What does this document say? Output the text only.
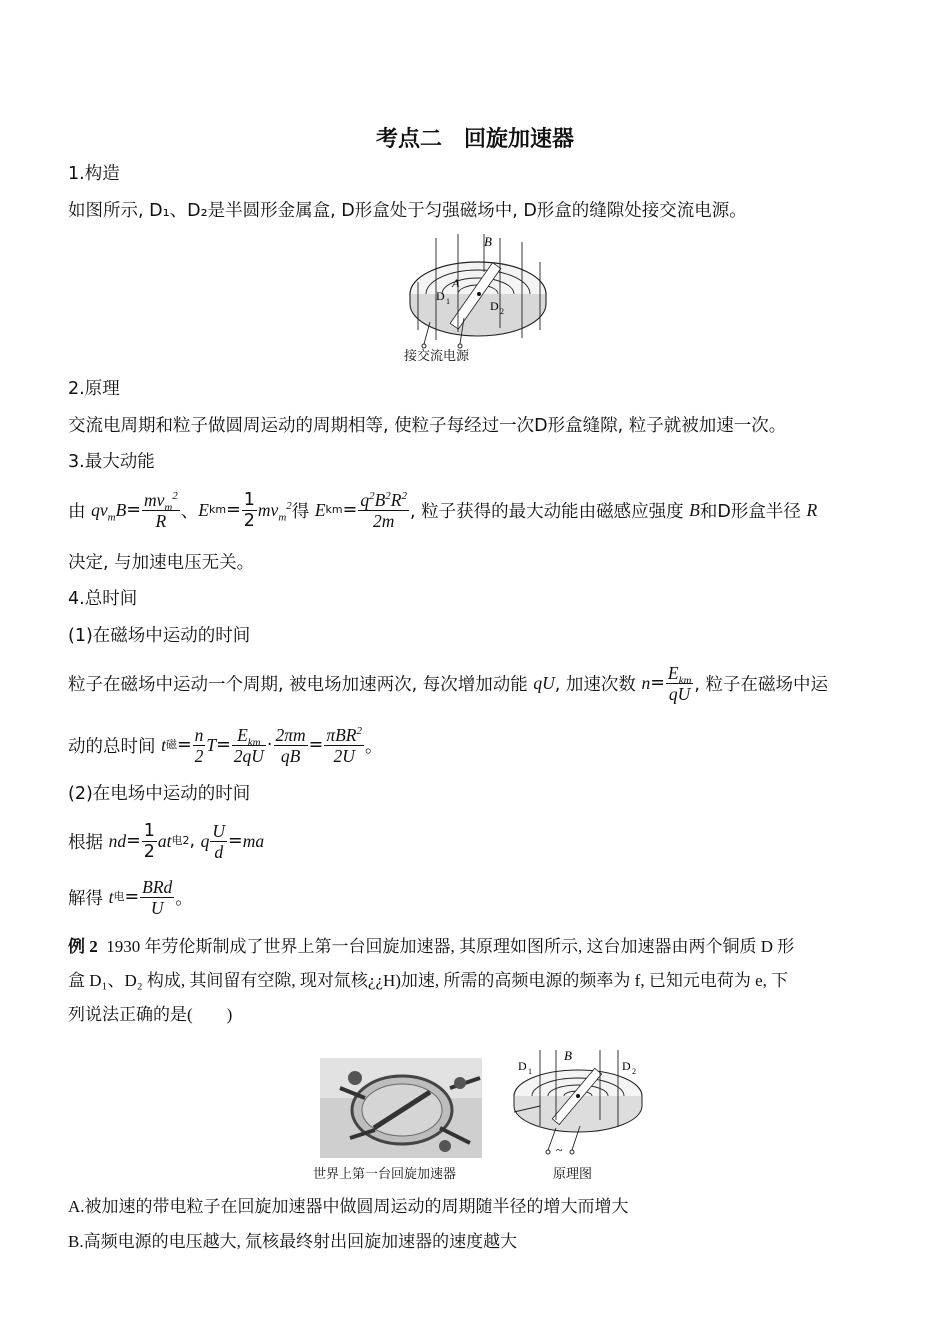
考点二　回旋加速器
1.构造
如图所示, D₁、D₂是半圆形金属盒, D形盒处于匀强磁场中, D形盒的缝隙处接交流电源。
B
A
D 1	D 2
接交流电源
2.原理
交流电周期和粒子做圆周运动的周期相等, 使粒子每经过一次D形盒缝隙, 粒子就被加速一次。
3.最大动能
由
$qv_mB = \frac{mv_m^2}{R}$ 、 E km = $\frac{1}{2} mv_m^2$ 得 E km = $\frac{q^2B^2R^2}{2m}$ , 粒子获得的最大动能由磁感应强度
B 和D形盒半径
R
决定, 与加速电压无关。
4.总时间
(1)在磁场中运动的时间
粒子在磁场中运动一个周期, 被电场加速两次, 每次增加动能
qU , 加速次数
$n = \frac{E_{km}}{qU}$ , 粒子在磁场中运
动的总时间
t 磁 = $\frac{n}{2}$ $T = \frac{E_{km}}{2qU} \cdot \frac{2\pi m}{qB} = \frac{\pi BR^2}{2U}$ 。
(2)在电场中运动的时间
根据
nd = $\frac{1}{2}$ at 电 2 , q $\frac{U}{d}$ = ma
解得
t 电 = $\frac{\text{BRd}}{U}$ 。
例 2 1930 年劳伦斯制成了世界上第一台回旋加速器, 其原理如图所示, 这台加速器由两个铜质 D 形
盒 D₁、D₂ 构成, 其间留有空隙, 现对氚核¿¿H)加速, 所需的高频电源的频率为 f, 已知元电荷为 e, 下
列说法正确的是(　　)
世界上第一台回旋加速器
B
D 1	D 2
~
原理图
A.被加速的带电粒子在回旋加速器中做圆周运动的周期随半径的增大而增大
B.高频电源的电压越大, 氚核最终射出回旋加速器的速度越大
